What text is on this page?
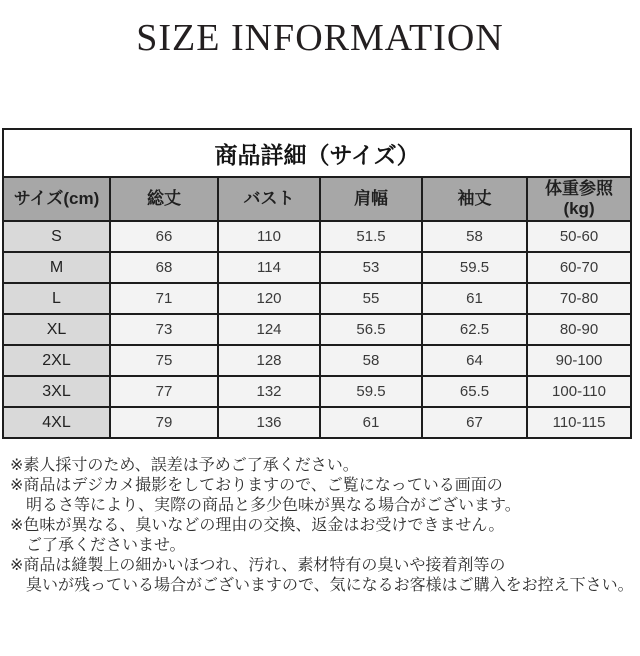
SIZE INFORMATION
商品詳細（サイズ）					
サイズ(cm)	総丈	バスト	肩幅	袖丈	体重参照(kg)
S	66	110	51.5	58	50-60
M	68	114	53	59.5	60-70
L	71	120	55	61	70-80
XL	73	124	56.5	62.5	80-90
2XL	75	128	58	64	90-100
3XL	77	132	59.5	65.5	100-110
4XL	79	136	61	67	110-115
※素人採寸のため、誤差は予めご了承ください。
※商品はデジカメ撮影をしておりますので、ご覧になっている画面の
明るさ等により、実際の商品と多少色味が異なる場合がございます。
※色味が異なる、臭いなどの理由の交換、返金はお受けできません。
ご了承くださいませ。
※商品は縫製上の細かいほつれ、汚れ、素材特有の臭いや接着剤等の
臭いが残っている場合がございますので、気になるお客様はご購入をお控え下さい。
